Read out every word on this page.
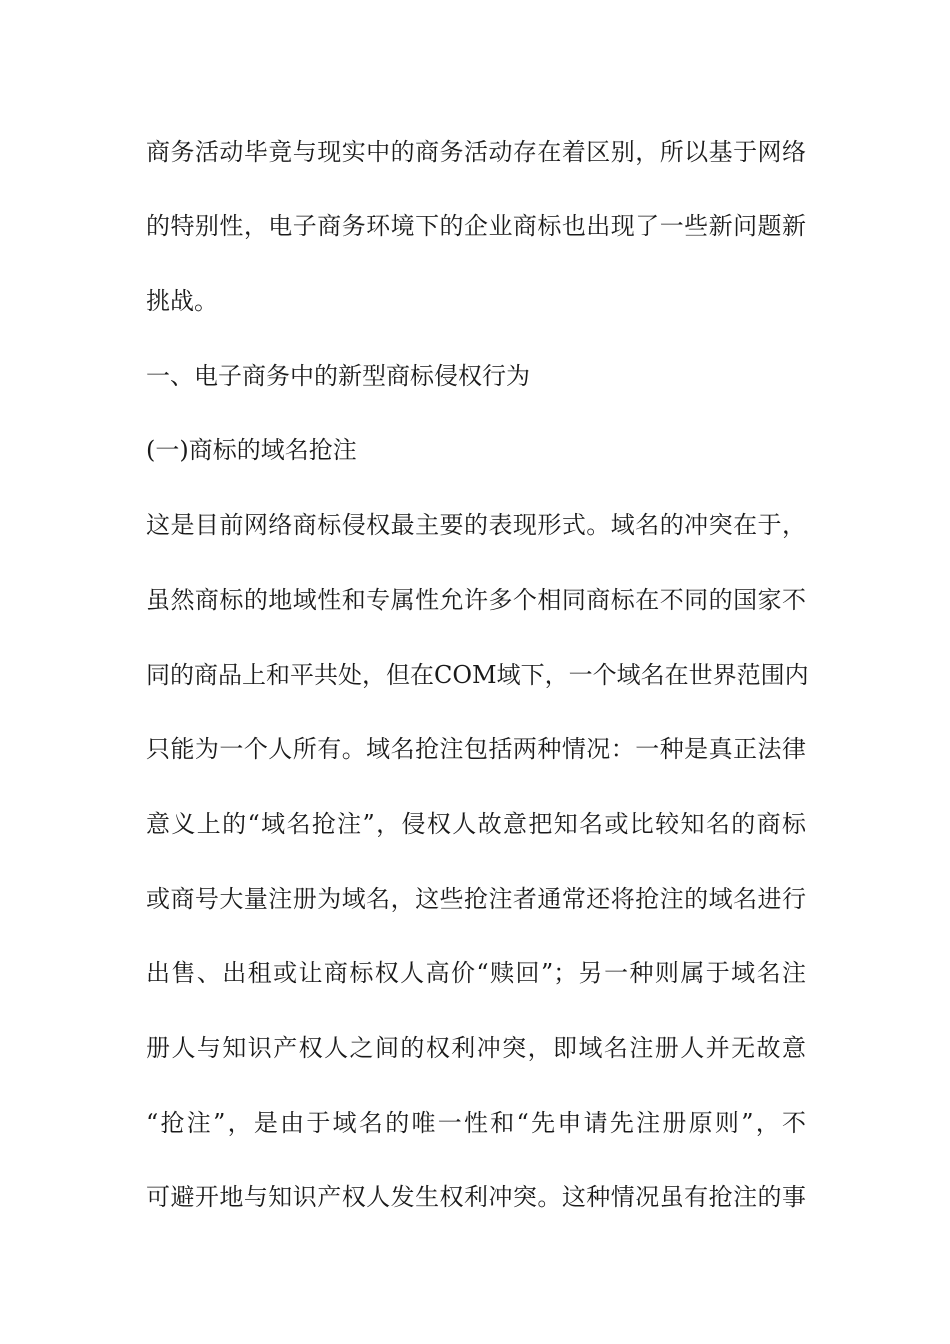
商务活动毕竟与现实中的商务活动存在着区别，所以基于网络
的特别性，电子商务环境下的企业商标也出现了一些新问题新
挑战。
一、电子商务中的新型商标侵权行为
(一)商标的域名抢注
这是目前网络商标侵权最主要的表现形式。域名的冲突在于，
虽然商标的地域性和专属性允许多个相同商标在不同的国家不
同的商品上和平共处，但在COM域下，一个域名在世界范围内
只能为一个人所有。域名抢注包括两种情况：一种是真正法律
意义上的“域名抢注”，侵权人故意把知名或比较知名的商标
或商号大量注册为域名，这些抢注者通常还将抢注的域名进行
出售、出租或让商标权人高价“赎回”；另一种则属于域名注
册人与知识产权人之间的权利冲突，即域名注册人并无故意
“抢注”，是由于域名的唯一性和“先申请先注册原则”，不
可避开地与知识产权人发生权利冲突。这种情况虽有抢注的事
